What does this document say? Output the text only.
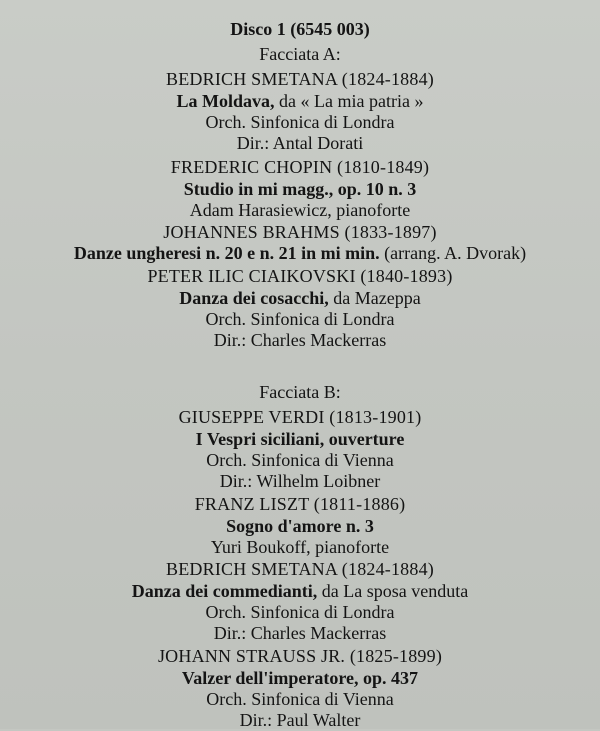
Disco 1 (6545 003)
Facciata A:
BEDRICH SMETANA (1824-1884)
La Moldava, da « La mia patria »
Orch. Sinfonica di Londra
Dir.: Antal Dorati
FREDERIC CHOPIN (1810-1849)
Studio in mi magg., op. 10 n. 3
Adam Harasiewicz, pianoforte
JOHANNES BRAHMS (1833-1897)
Danze ungheresi n. 20 e n. 21 in mi min. (arrang. A. Dvorak)
PETER ILIC CIAIKOVSKI (1840-1893)
Danza dei cosacchi, da Mazeppa
Orch. Sinfonica di Londra
Dir.: Charles Mackerras
Facciata B:
GIUSEPPE VERDI (1813-1901)
I Vespri siciliani, ouverture
Orch. Sinfonica di Vienna
Dir.: Wilhelm Loibner
FRANZ LISZT (1811-1886)
Sogno d'amore n. 3
Yuri Boukoff, pianoforte
BEDRICH SMETANA (1824-1884)
Danza dei commedianti, da La sposa venduta
Orch. Sinfonica di Londra
Dir.: Charles Mackerras
JOHANN STRAUSS JR. (1825-1899)
Valzer dell'imperatore, op. 437
Orch. Sinfonica di Vienna
Dir.: Paul Walter
